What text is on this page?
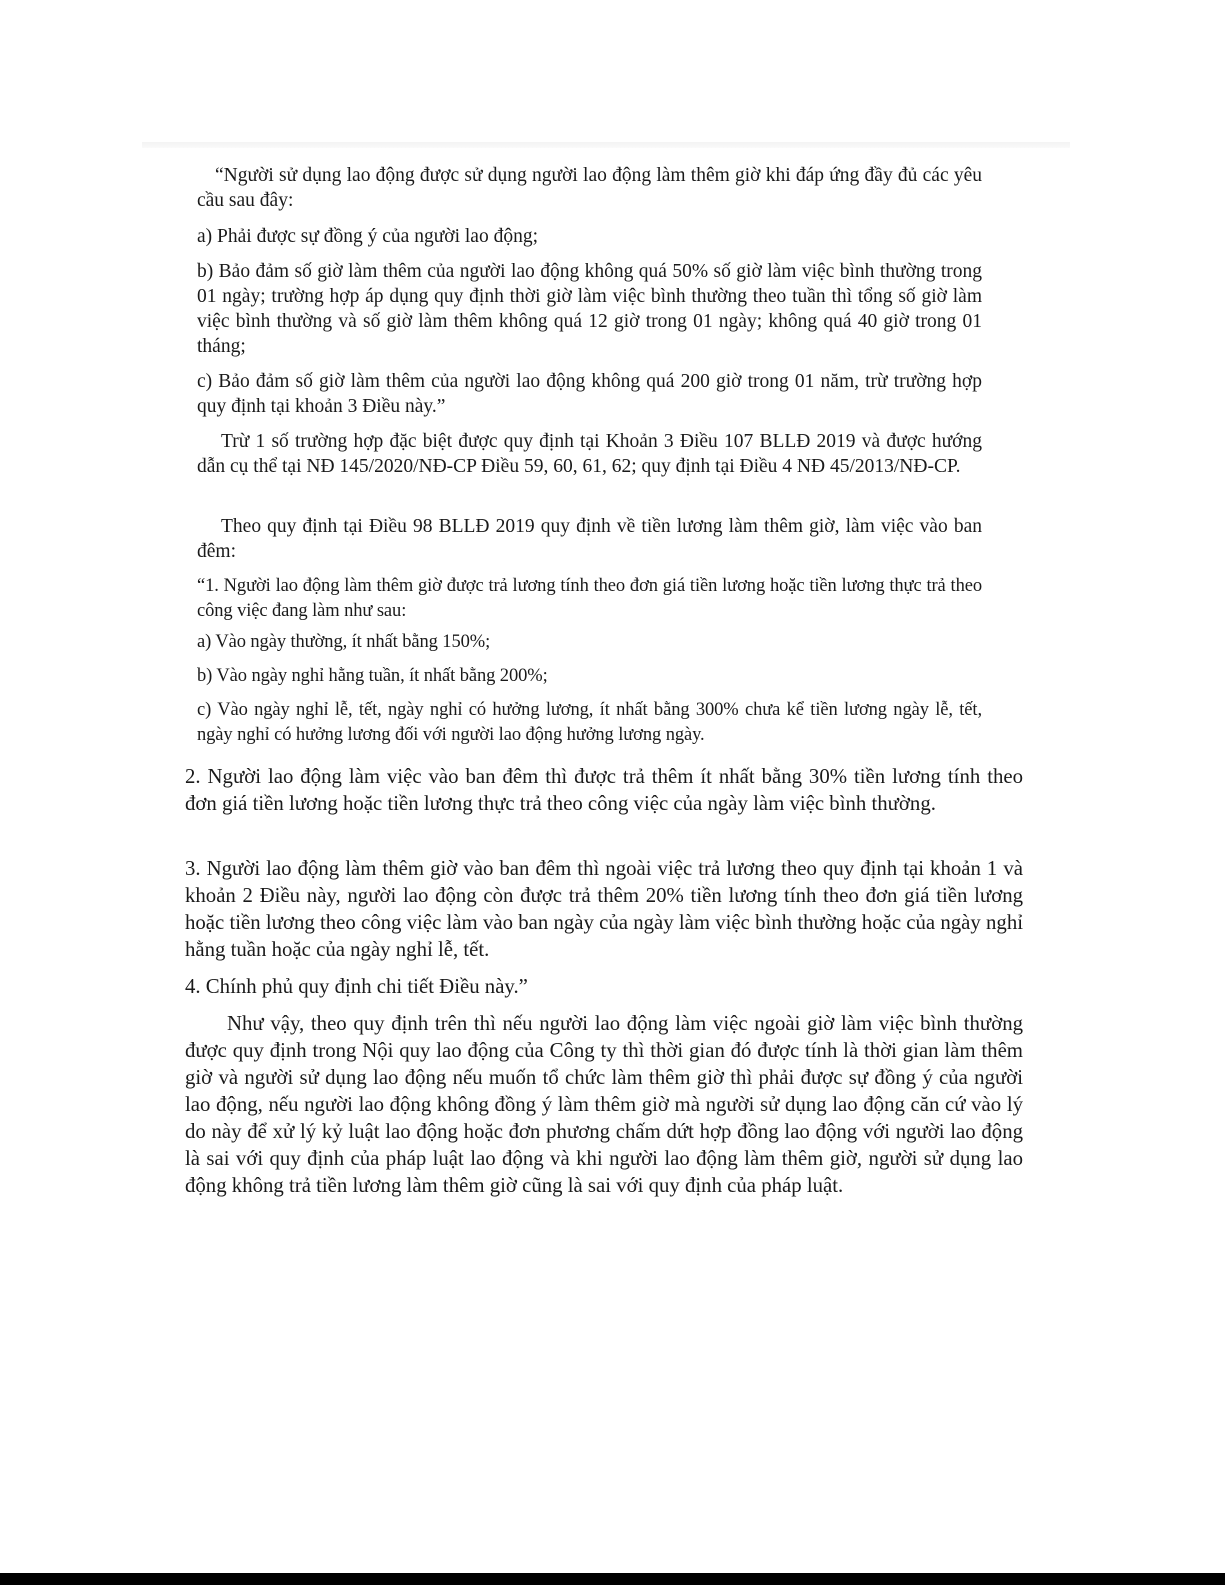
“Người sử dụng lao động được sử dụng người lao động làm thêm giờ khi đáp ứng đầy đủ các yêu cầu sau đây:

a) Phải được sự đồng ý của người lao động;

b) Bảo đảm số giờ làm thêm của người lao động không quá 50% số giờ làm việc bình thường trong 01 ngày; trường hợp áp dụng quy định thời giờ làm việc bình thường theo tuần thì tổng số giờ làm việc bình thường và số giờ làm thêm không quá 12 giờ trong 01 ngày; không quá 40 giờ trong 01 tháng;

c) Bảo đảm số giờ làm thêm của người lao động không quá 200 giờ trong 01 năm, trừ trường hợp quy định tại khoản 3 Điều này.”

Trừ 1 số trường hợp đặc biệt được quy định tại Khoản 3 Điều 107 BLLĐ 2019 và được hướng dẫn cụ thể tại NĐ 145/2020/NĐ-CP Điều 59, 60, 61, 62; quy định tại Điều 4 NĐ 45/2013/NĐ-CP.

Theo quy định tại Điều 98 BLLĐ 2019 quy định về tiền lương làm thêm giờ, làm việc vào ban đêm:

“1. Người lao động làm thêm giờ được trả lương tính theo đơn giá tiền lương hoặc tiền lương thực trả theo công việc đang làm như sau:

a) Vào ngày thường, ít nhất bằng 150%;

b) Vào ngày nghỉ hằng tuần, ít nhất bằng 200%;

c) Vào ngày nghỉ lễ, tết, ngày nghỉ có hưởng lương, ít nhất bằng 300% chưa kể tiền lương ngày lễ, tết, ngày nghỉ có hưởng lương đối với người lao động hưởng lương ngày.

2. Người lao động làm việc vào ban đêm thì được trả thêm ít nhất bằng 30% tiền lương tính theo đơn giá tiền lương hoặc tiền lương thực trả theo công việc của ngày làm việc bình thường.

3. Người lao động làm thêm giờ vào ban đêm thì ngoài việc trả lương theo quy định tại khoản 1 và khoản 2 Điều này, người lao động còn được trả thêm 20% tiền lương tính theo đơn giá tiền lương hoặc tiền lương theo công việc làm vào ban ngày của ngày làm việc bình thường hoặc của ngày nghỉ hằng tuần hoặc của ngày nghỉ lễ, tết.

4. Chính phủ quy định chi tiết Điều này.”

Như vậy, theo quy định trên thì nếu người lao động làm việc ngoài giờ làm việc bình thường được quy định trong Nội quy lao động của Công ty thì thời gian đó được tính là thời gian làm thêm giờ và người sử dụng lao động nếu muốn tổ chức làm thêm giờ thì phải được sự đồng ý của người lao động, nếu người lao động không đồng ý làm thêm giờ mà người sử dụng lao động căn cứ vào lý do này để xử lý kỷ luật lao động hoặc đơn phương chấm dứt hợp đồng lao động với người lao động là sai với quy định của pháp luật lao động và khi người lao động làm thêm giờ, người sử dụng lao động không trả tiền lương làm thêm giờ cũng là sai với quy định của pháp luật.
